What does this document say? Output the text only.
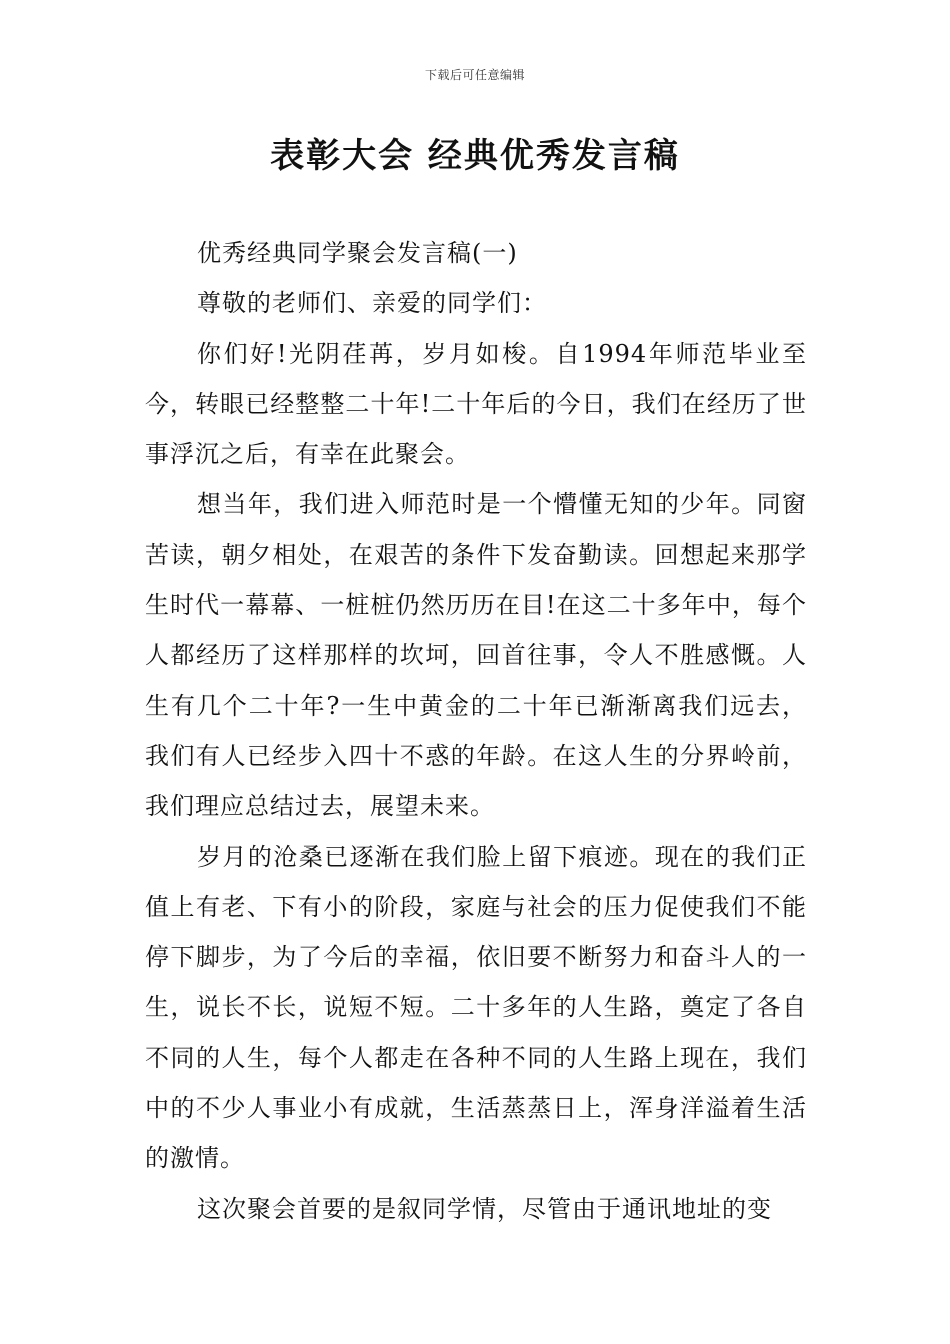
下载后可任意编辑
表彰大会 经典优秀发言稿

优秀经典同学聚会发言稿(一)

尊敬的老师们、亲爱的同学们：

你们好!光阴荏苒，岁月如梭。自1994年师范毕业至今，转眼已经整整二十年!二十年后的今日，我们在经历了世事浮沉之后，有幸在此聚会。

想当年，我们进入师范时是一个懵懂无知的少年。同窗苦读，朝夕相处，在艰苦的条件下发奋勤读。回想起来那学生时代一幕幕、一桩桩仍然历历在目!在这二十多年中，每个人都经历了这样那样的坎坷，回首往事，令人不胜感慨。人生有几个二十年?一生中黄金的二十年已渐渐离我们远去，我们有人已经步入四十不惑的年龄。在这人生的分界岭前，我们理应总结过去，展望未来。

岁月的沧桑已逐渐在我们脸上留下痕迹。现在的我们正值上有老、下有小的阶段，家庭与社会的压力促使我们不能停下脚步，为了今后的幸福，依旧要不断努力和奋斗人的一生，说长不长，说短不短。二十多年的人生路，奠定了各自不同的人生，每个人都走在各种不同的人生路上现在，我们中的不少人事业小有成就，生活蒸蒸日上，浑身洋溢着生活的激情。

这次聚会首要的是叙同学情，尽管由于通讯地址的变
